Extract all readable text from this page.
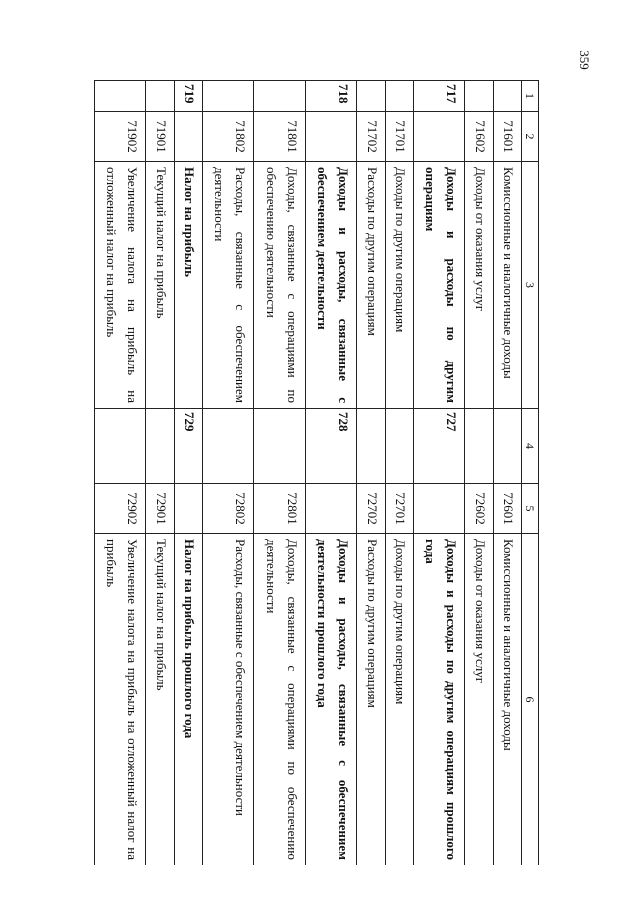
359
1	2	3	4	5	6
	71601	Комиссионные и аналогичные доходы		72601	Комиссионные и аналогичные доходы
	71602	Доходы от оказания услуг		72602	Доходы от оказания услуг
717		Доходы и расходы по другим операциям	727		Доходы и расходы по другим операциям прошлого года
	71701	Доходы по другим операциям		72701	Доходы по другим операциям
	71702	Расходы по другим операциям		72702	Расходы по другим операциям
718		Доходы и расходы, связанные с обеспечением деятельности	728		Доходы и расходы, связанные с обеспечением деятельности прошлого года
	71801	Доходы, связанные с операциями по обеспечению деятельности		72801	Доходы, связанные с операциями по обеспечению деятельности
	71802	Расходы, связанные с обеспечением деятельности		72802	Расходы, связанные с обеспечением деятельности
719		Налог на прибыль	729		Налог на прибыль прошлого года
	71901	Текущий налог на прибыль		72901	Текущий налог на прибыль
	71902	Увеличение налога на прибыль на отложенный налог на прибыль		72902	Увеличение налога на прибыль на отложенный налог на прибыль
